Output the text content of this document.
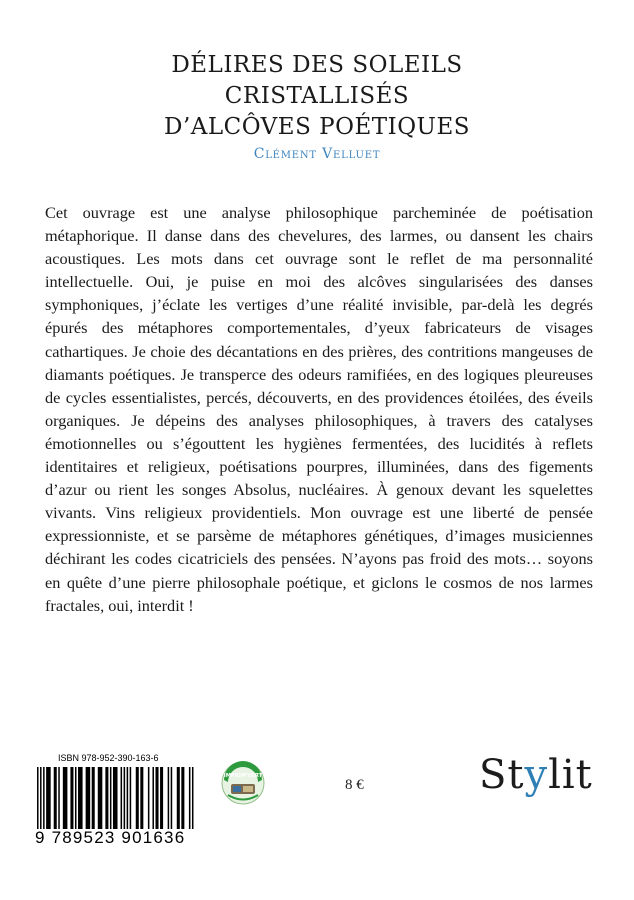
DÉLIRES DES SOLEILS
CRISTALLISÉS
D’ALCÔVES POÉTIQUES
Clément Velluet
Cet ouvrage est une analyse philosophique parcheminée de poétisation métaphorique. Il danse dans des chevelures, des larmes, ou dansent les chairs acoustiques. Les mots dans cet ouvrage sont le reflet de ma personnalité intellectuelle. Oui, je puise en moi des alcôves singularisées des danses symphoniques, j’éclate les vertiges d’une réalité invisible, par-delà les degrés épurés des métaphores comportementales, d’yeux fabricateurs de visages cathartiques. Je choie des décantations en des prières, des contritions mangeuses de diamants poétiques. Je transperce des odeurs ramifiées, en des logiques pleureuses de cycles essentialistes, percés, découverts, en des providences étoilées, des éveils organiques. Je dépeins des analyses philosophiques, à travers des catalyses émotionnelles ou s’égouttent les hygiènes fermentées, des lucidités à reflets identitaires et religieux, poétisations pourpres, illuminées, dans des figements d’azur ou rient les songes Absolus, nucléaires. À genoux devant les squelettes vivants. Vins religieux providentiels. Mon ouvrage est une liberté de pensée expressionniste, et se parsème de métaphores génétiques, d’images musiciennes déchirant les codes cicatriciels des pensées. N’ayons pas froid des mots… soyons en quête d’une pierre philosophale poétique, et giclons le cosmos de nos larmes fractales, oui, interdit !
ISBN 978-952-390-163-6
9 789523 901636
IMPRIM'VERT
8 €	Stylit
